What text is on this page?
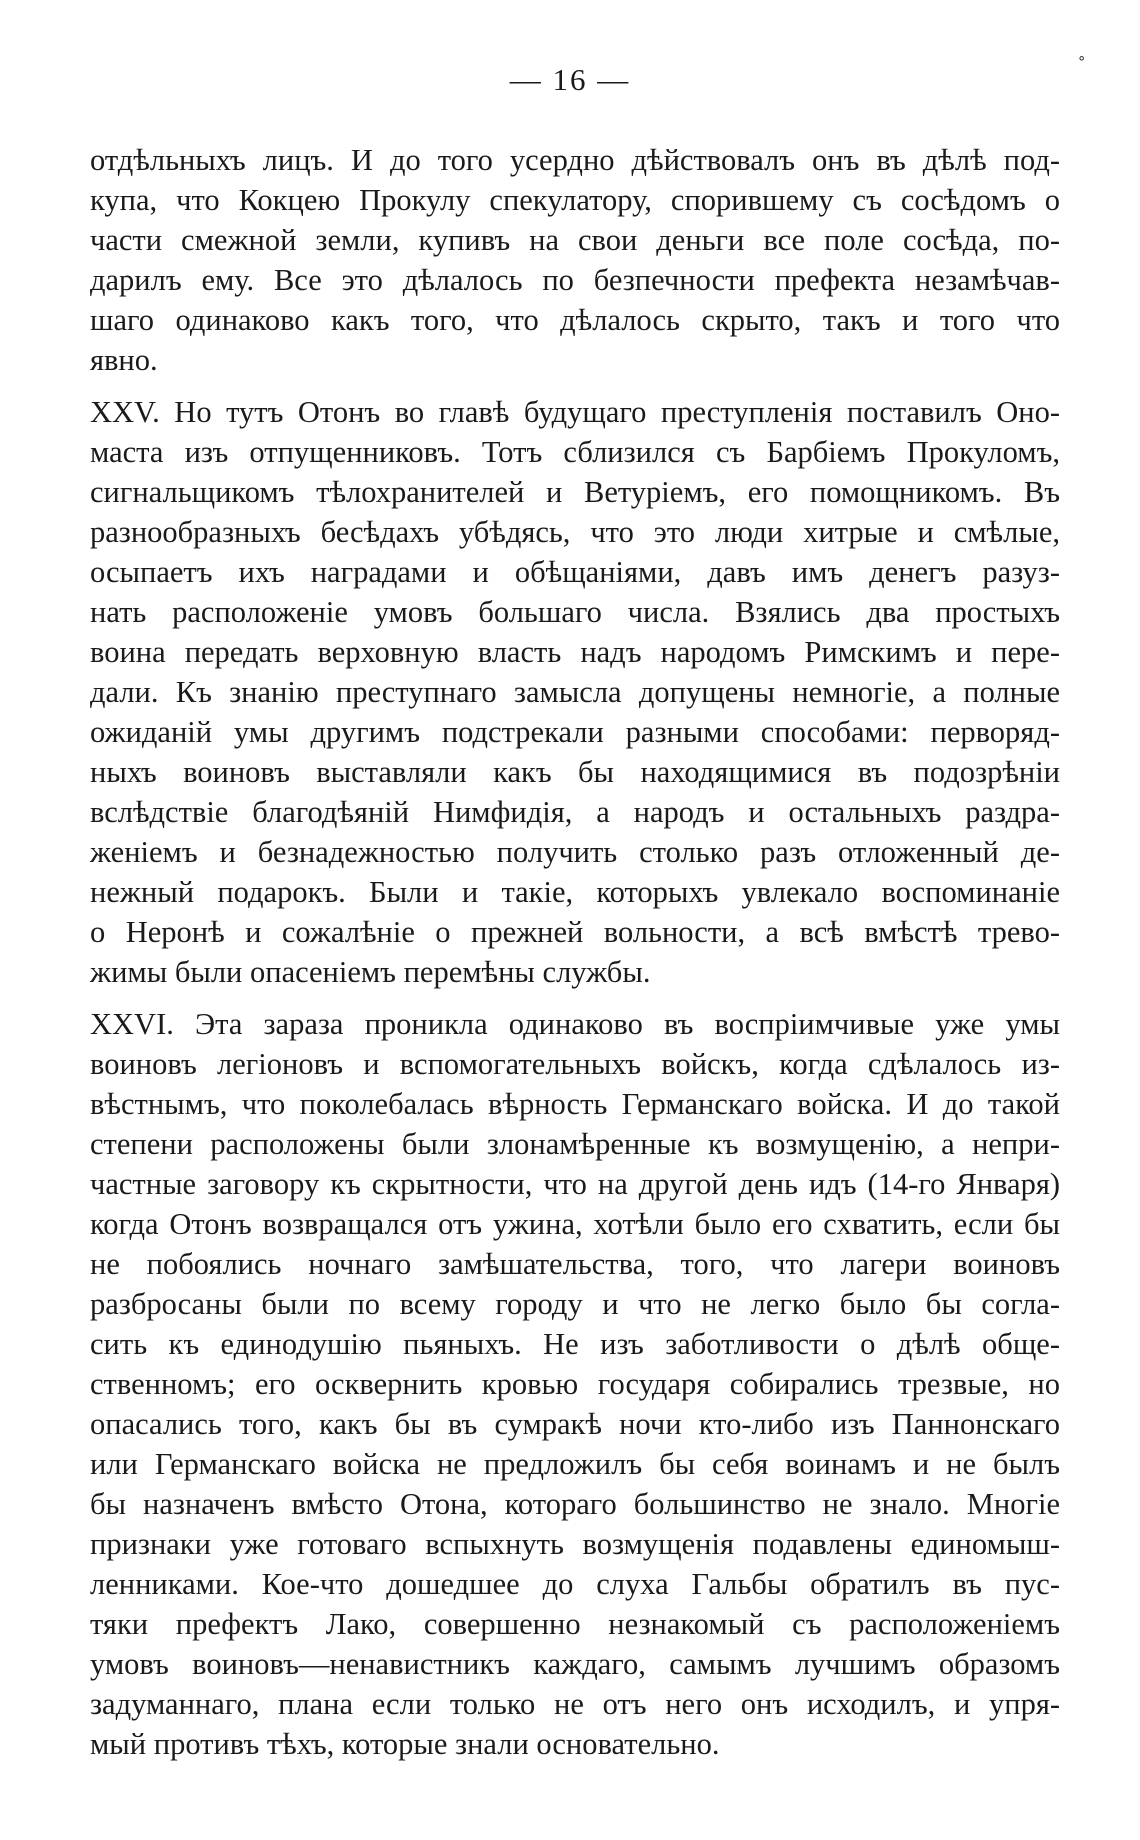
— 16 —	˚
отдѣльныхъ лицъ. И до того усердно дѣйствовалъ онъ въ дѣлѣ под-
купа, что Кокцею Прокулу спекулатору, спорившему съ сосѣдомъ о
части смежной земли, купивъ на свои деньги все поле сосѣда, по-
дарилъ ему. Все это дѣлалось по безпечности префекта незамѣчав-
шаго одинаково какъ того, что дѣлалось скрыто, такъ и того что
явно.
XXV. Но тутъ Отонъ во главѣ будущаго преступленія поставилъ Оно-
маста изъ отпущенниковъ. Тотъ сблизился съ Барбіемъ Прокуломъ,
сигнальщикомъ тѣлохранителей и Ветуріемъ, его помощникомъ. Въ
разнообразныхъ бесѣдахъ убѣдясь, что это люди хитрые и смѣлые,
осыпаетъ ихъ наградами и обѣщаніями, давъ имъ денегъ разуз-
нать расположеніе умовъ большаго числа. Взялись два простыхъ
воина передать верховную власть надъ народомъ Римскимъ и пере-
дали. Къ знанію преступнаго замысла допущены немногіе, а полные
ожиданій умы другимъ подстрекали разными способами: перворяд-
ныхъ воиновъ выставляли какъ бы находящимися въ подозрѣніи
вслѣдствіе благодѣяній Нимфидія, а народъ и остальныхъ раздра-
женіемъ и безнадежностью получить столько разъ отложенный де-
нежный подарокъ. Были и такіе, которыхъ увлекало воспоминаніе
о Неронѣ и сожалѣніе о прежней вольности, а всѣ вмѣстѣ трево-
жимы были опасеніемъ перемѣны службы.
XXVI. Эта зараза проникла одинаково въ воспріимчивые уже умы
воиновъ легіоновъ и вспомогательныхъ войскъ, когда сдѣлалось из-
вѣстнымъ, что поколебалась вѣрность Германскаго войска. И до такой
степени расположены были злонамѣренные къ возмущенію, а непри-
частные заговору къ скрытности, что на другой день идъ (14-го Января)
когда Отонъ возвращался отъ ужина, хотѣли было его схватить, если бы
не побоялись ночнаго замѣшательства, того, что лагери воиновъ
разбросаны были по всему городу и что не легко было бы согла-
сить къ единодушію пьяныхъ. Не изъ заботливости о дѣлѣ обще-
ственномъ; его осквернить кровью государя собирались трезвые, но
опасались того, какъ бы въ сумракѣ ночи кто-либо изъ Паннонскаго
или Германскаго войска не предложилъ бы себя воинамъ и не былъ
бы назначенъ вмѣсто Отона, котораго большинство не знало. Многіе
признаки уже готоваго вспыхнуть возмущенія подавлены единомыш-
ленниками. Кое-что дошедшее до слуха Гальбы обратилъ въ пус-
тяки префектъ Лако, совершенно незнакомый съ расположеніемъ
умовъ воиновъ—ненавистникъ каждаго, самымъ лучшимъ образомъ
задуманнаго, плана если только не отъ него онъ исходилъ, и упря-
мый противъ тѣхъ, которые знали основательно.
